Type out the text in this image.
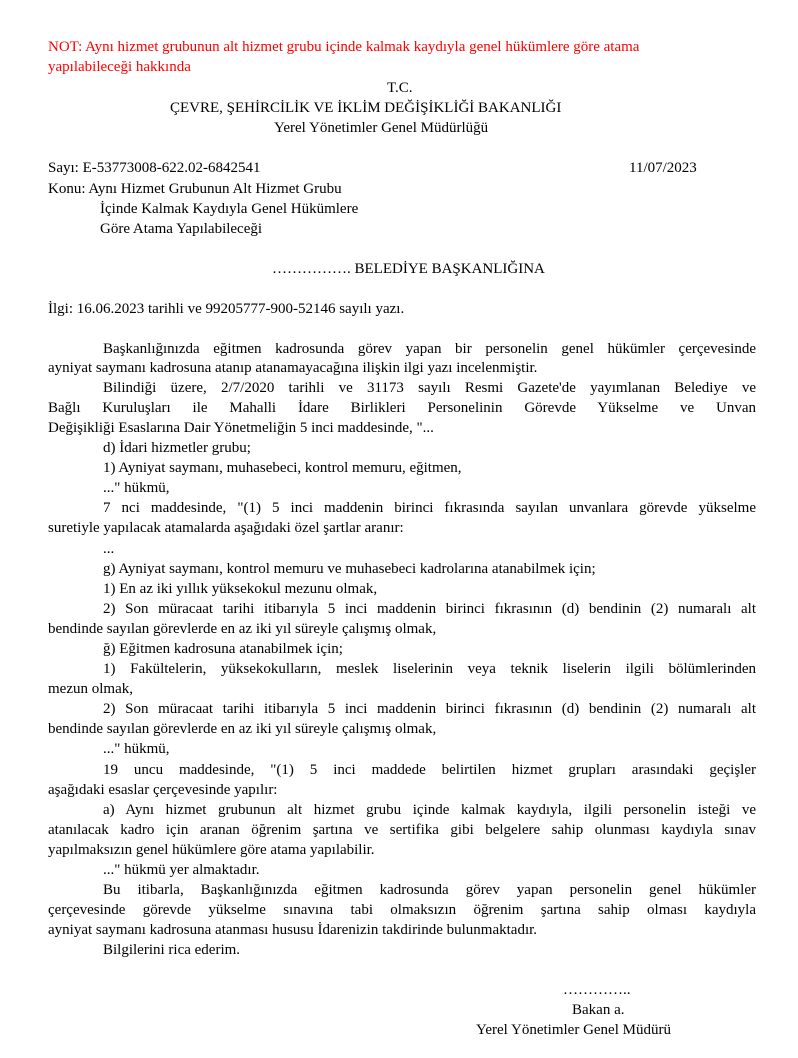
NOT: Aynı hizmet grubunun alt hizmet grubu içinde kalmak kaydıyla genel hükümlere göre atama
yapılabileceği hakkında
T.C.
ÇEVRE, ŞEHİRCİLİK VE İKLİM DEĞİŞİKLİĞİ BAKANLIĞI
Yerel Yönetimler Genel Müdürlüğü
Sayı: E-53773008-622.02-6842541	11/07/2023
Konu: Aynı Hizmet Grubunun Alt Hizmet Grubu
İçinde Kalmak Kaydıyla Genel Hükümlere
Göre Atama Yapılabileceği
……………. BELEDİYE BAŞKANLIĞINA
İlgi: 16.06.2023 tarihli ve 99205777-900-52146 sayılı yazı.
Başkanlığınızda eğitmen kadrosunda görev yapan bir personelin genel hükümler çerçevesinde
ayniyat saymanı kadrosuna atanıp atanamayacağına ilişkin ilgi yazı incelenmiştir.
Bilindiği üzere, 2/7/2020 tarihli ve 31173 sayılı Resmi Gazete'de yayımlanan Belediye ve
Bağlı Kuruluşları ile Mahalli İdare Birlikleri Personelinin Görevde Yükselme ve Unvan
Değişikliği Esaslarına Dair Yönetmeliğin 5 inci maddesinde, "...
d) İdari hizmetler grubu;
1) Ayniyat saymanı, muhasebeci, kontrol memuru, eğitmen,
..." hükmü,
7 nci maddesinde, "(1) 5 inci maddenin birinci fıkrasında sayılan unvanlara görevde yükselme
suretiyle yapılacak atamalarda aşağıdaki özel şartlar aranır:
...
g) Ayniyat saymanı, kontrol memuru ve muhasebeci kadrolarına atanabilmek için;
1) En az iki yıllık yüksekokul mezunu olmak,
2) Son müracaat tarihi itibarıyla 5 inci maddenin birinci fıkrasının (d) bendinin (2) numaralı alt
bendinde sayılan görevlerde en az iki yıl süreyle çalışmış olmak,
ğ) Eğitmen kadrosuna atanabilmek için;
1) Fakültelerin, yüksekokulların, meslek liselerinin veya teknik liselerin ilgili bölümlerinden
mezun olmak,
2) Son müracaat tarihi itibarıyla 5 inci maddenin birinci fıkrasının (d) bendinin (2) numaralı alt
bendinde sayılan görevlerde en az iki yıl süreyle çalışmış olmak,
..." hükmü,
19 uncu maddesinde, "(1) 5 inci maddede belirtilen hizmet grupları arasındaki geçişler
aşağıdaki esaslar çerçevesinde yapılır:
a) Aynı hizmet grubunun alt hizmet grubu içinde kalmak kaydıyla, ilgili personelin isteği ve
atanılacak kadro için aranan öğrenim şartına ve sertifika gibi belgelere sahip olunması kaydıyla sınav
yapılmaksızın genel hükümlere göre atama yapılabilir.
..." hükmü yer almaktadır.
Bu itibarla, Başkanlığınızda eğitmen kadrosunda görev yapan personelin genel hükümler
çerçevesinde görevde yükselme sınavına tabi olmaksızın öğrenim şartına sahip olması kaydıyla
ayniyat saymanı kadrosuna atanması hususu İdarenizin takdirinde bulunmaktadır.
Bilgilerini rica ederim.
…………..
Bakan a.
Yerel Yönetimler Genel Müdürü
